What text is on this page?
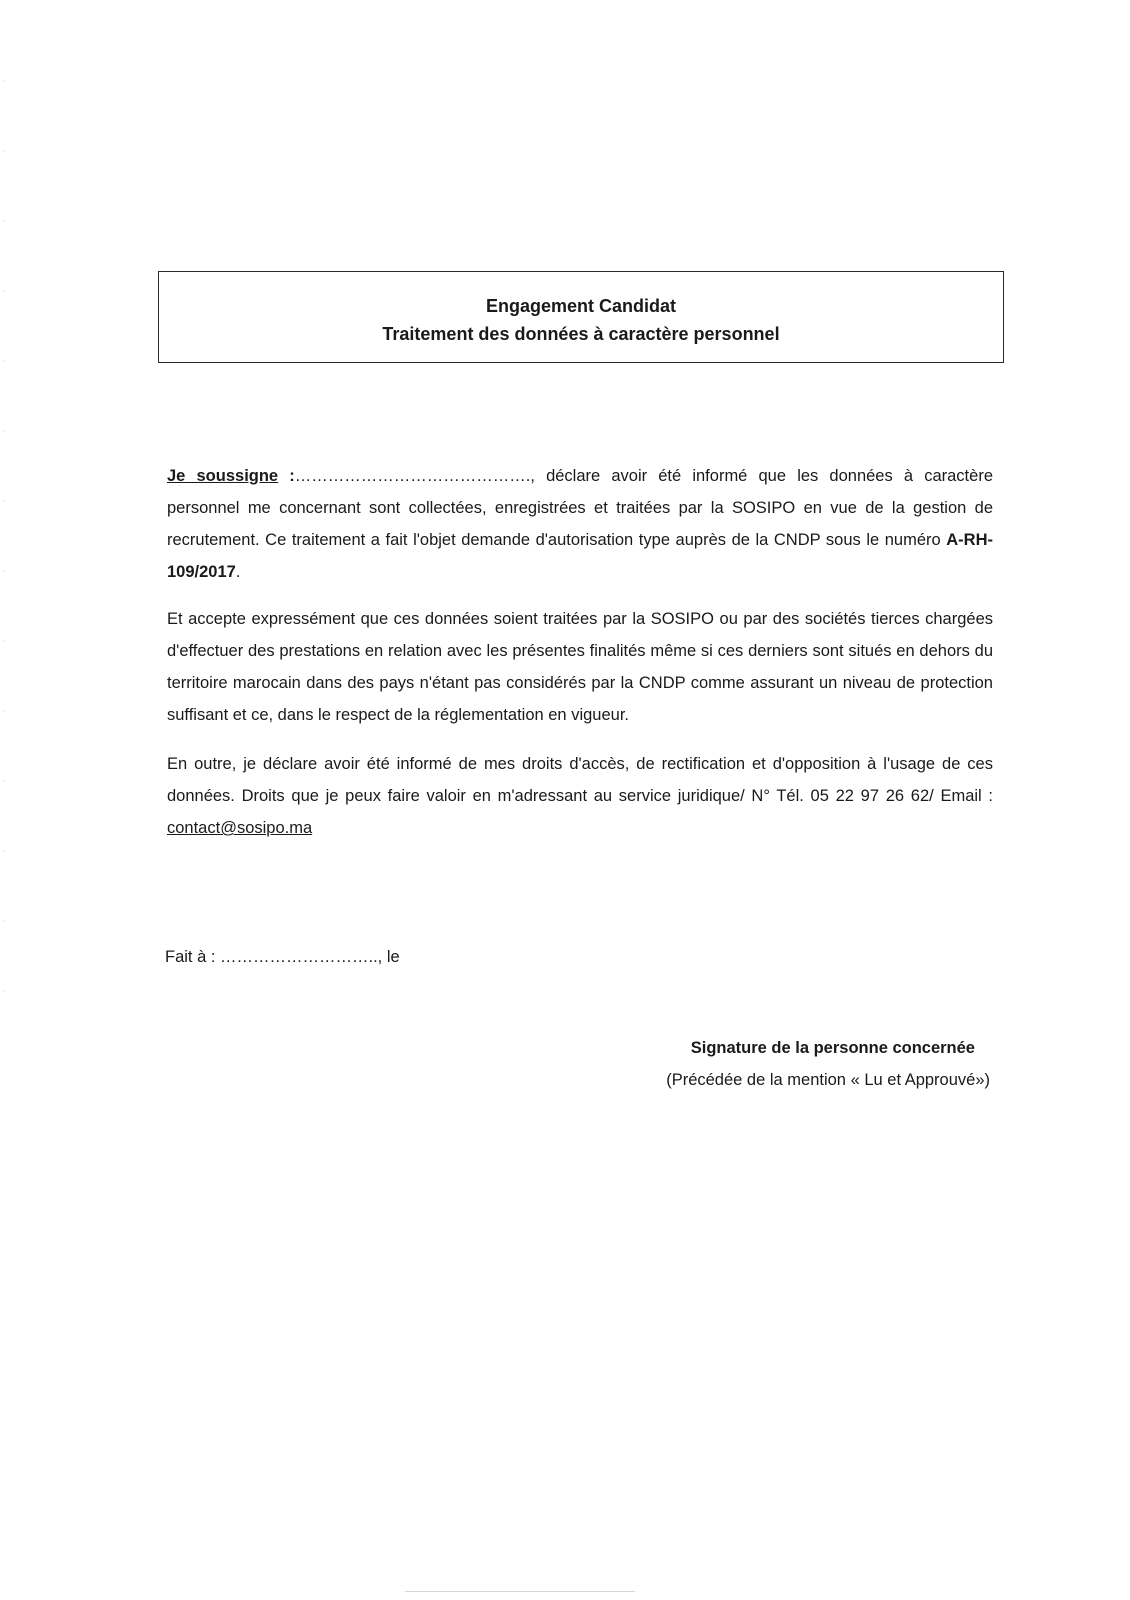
Engagement Candidat
Traitement des données à caractère personnel
Je soussigne :……………………………………., déclare avoir été informé que les données à caractère personnel me concernant sont collectées, enregistrées et traitées par la SOSIPO en vue de la gestion de recrutement. Ce traitement a fait l'objet demande d'autorisation type auprès de la CNDP sous le numéro A-RH-109/2017.
Et accepte expressément que ces données soient traitées par la SOSIPO ou par des sociétés tierces chargées d'effectuer des prestations en relation avec les présentes finalités même si ces derniers sont situés en dehors du territoire marocain dans des pays n'étant pas considérés par la CNDP comme assurant un niveau de protection suffisant et ce, dans le respect de la réglementation en vigueur.
En outre, je déclare avoir été informé de mes droits d'accès, de rectification et d'opposition à l'usage de ces données. Droits que je peux faire valoir en m'adressant au service juridique/ N° Tél. 05 22 97 26 62/ Email : contact@sosipo.ma
Fait à : ……………………….., le
Signature de la personne concernée
(Précédée de la mention « Lu et Approuvé»)
